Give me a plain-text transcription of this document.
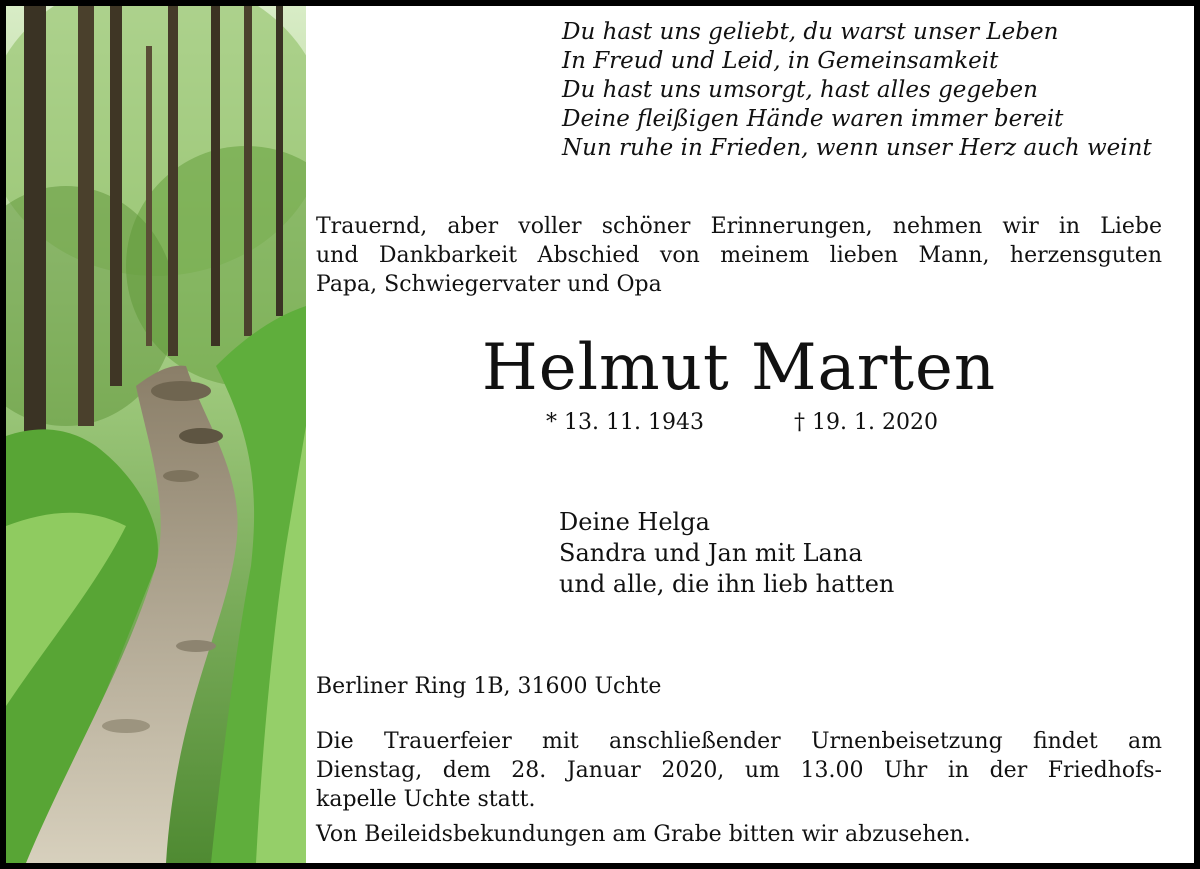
Du hast uns geliebt, du warst unser Leben
In Freud und Leid, in Gemeinsamkeit
Du hast uns umsorgt, hast alles gegeben
Deine fleißigen Hände waren immer bereit
Nun ruhe in Frieden, wenn unser Herz auch weint
Trauernd, aber voller schöner Erinnerungen, nehmen wir in Liebe
und Dankbarkeit Abschied von meinem lieben Mann, herzensguten
Papa, Schwiegervater und Opa
Helmut Marten
* 13. 11. 1943	† 19. 1. 2020
Deine Helga
Sandra und Jan mit Lana
und alle, die ihn lieb hatten
Berliner Ring 1B, 31600 Uchte
Die Trauerfeier mit anschließender Urnenbeisetzung findet am
Dienstag, dem 28. Januar 2020, um 13.00 Uhr in der Friedhofs-
kapelle Uchte statt.
Von Beileidsbekundungen am Grabe bitten wir abzusehen.
